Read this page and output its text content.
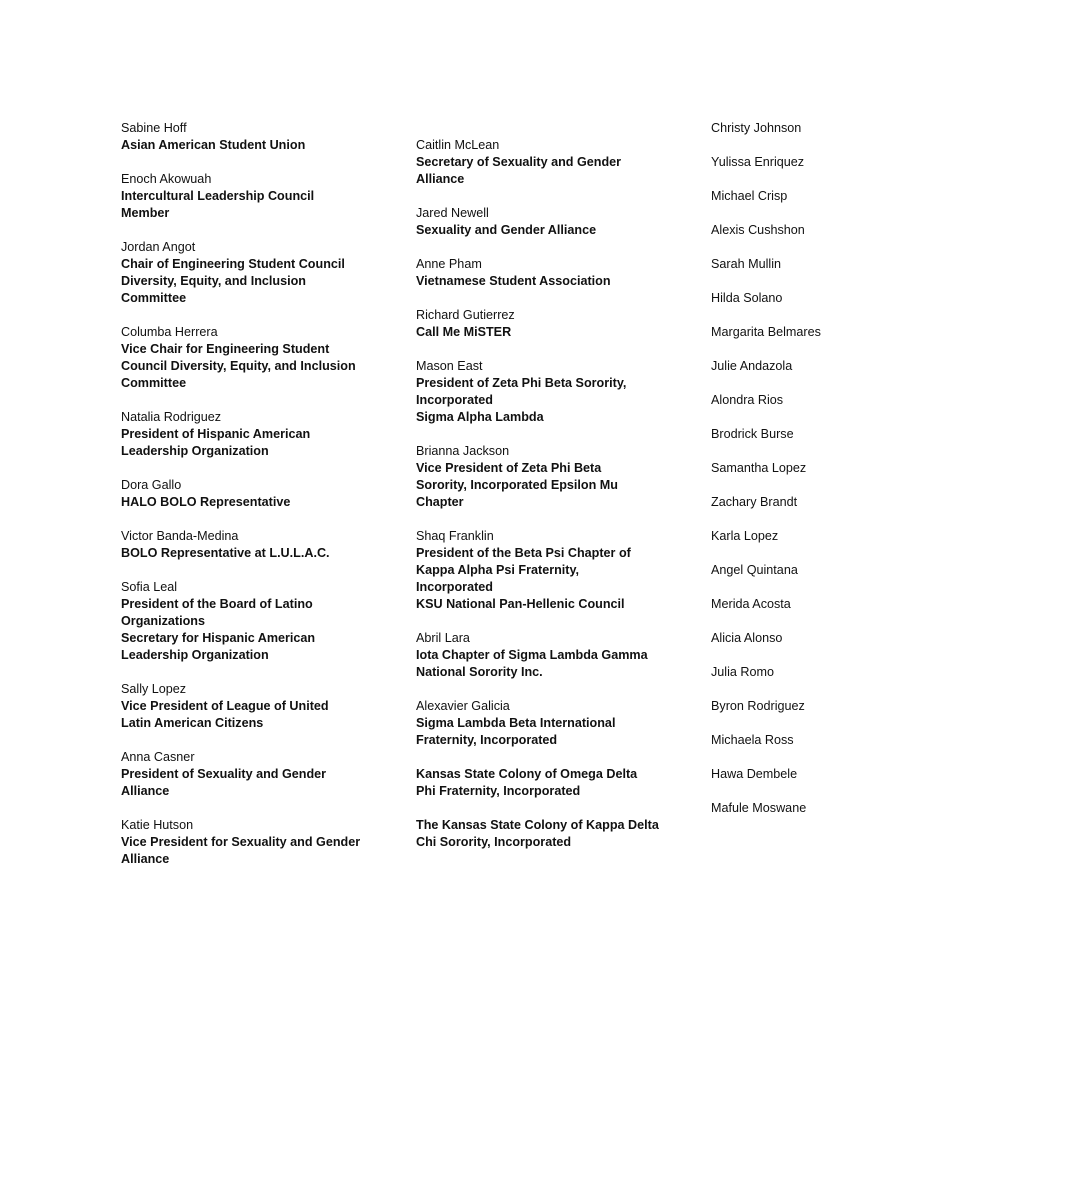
Sabine Hoff
Asian American Student Union
Enoch Akowuah
Intercultural Leadership Council
Member
Jordan Angot
Chair of Engineering Student Council
Diversity, Equity, and Inclusion
Committee
Columba Herrera
Vice Chair for Engineering Student
Council Diversity, Equity, and Inclusion
Committee
Natalia Rodriguez
President of Hispanic American
Leadership Organization
Dora Gallo
HALO BOLO Representative
Victor Banda-Medina
BOLO Representative at L.U.L.A.C.
Sofia Leal
President of the Board of Latino
Organizations
Secretary for Hispanic American
Leadership Organization
Sally Lopez
Vice President of League of United
Latin American Citizens
Anna Casner
President of Sexuality and Gender
Alliance
Katie Hutson
Vice President for Sexuality and Gender
Alliance
Caitlin McLean
Secretary of Sexuality and Gender
Alliance
Jared Newell
Sexuality and Gender Alliance
Anne Pham
Vietnamese Student Association
Richard Gutierrez
Call Me MiSTER
Mason East
President of Zeta Phi Beta Sorority,
Incorporated
Sigma Alpha Lambda
Brianna Jackson
Vice President of Zeta Phi Beta
Sorority, Incorporated Epsilon Mu
Chapter
Shaq Franklin
President of the Beta Psi Chapter of
Kappa Alpha Psi Fraternity,
Incorporated
KSU National Pan-Hellenic Council
Abril Lara
Iota Chapter of Sigma Lambda Gamma
National Sorority Inc.
Alexavier Galicia
Sigma Lambda Beta International
Fraternity, Incorporated
Kansas State Colony of Omega Delta
Phi Fraternity, Incorporated
The Kansas State Colony of Kappa Delta
Chi Sorority, Incorporated
Christy Johnson
Yulissa Enriquez
Michael Crisp
Alexis Cushshon
Sarah Mullin
Hilda Solano
Margarita Belmares
Julie Andazola
Alondra Rios
Brodrick Burse
Samantha Lopez
Zachary Brandt
Karla Lopez
Angel Quintana
Merida Acosta
Alicia Alonso
Julia Romo
Byron Rodriguez
Michaela Ross
Hawa Dembele
Mafule Moswane
